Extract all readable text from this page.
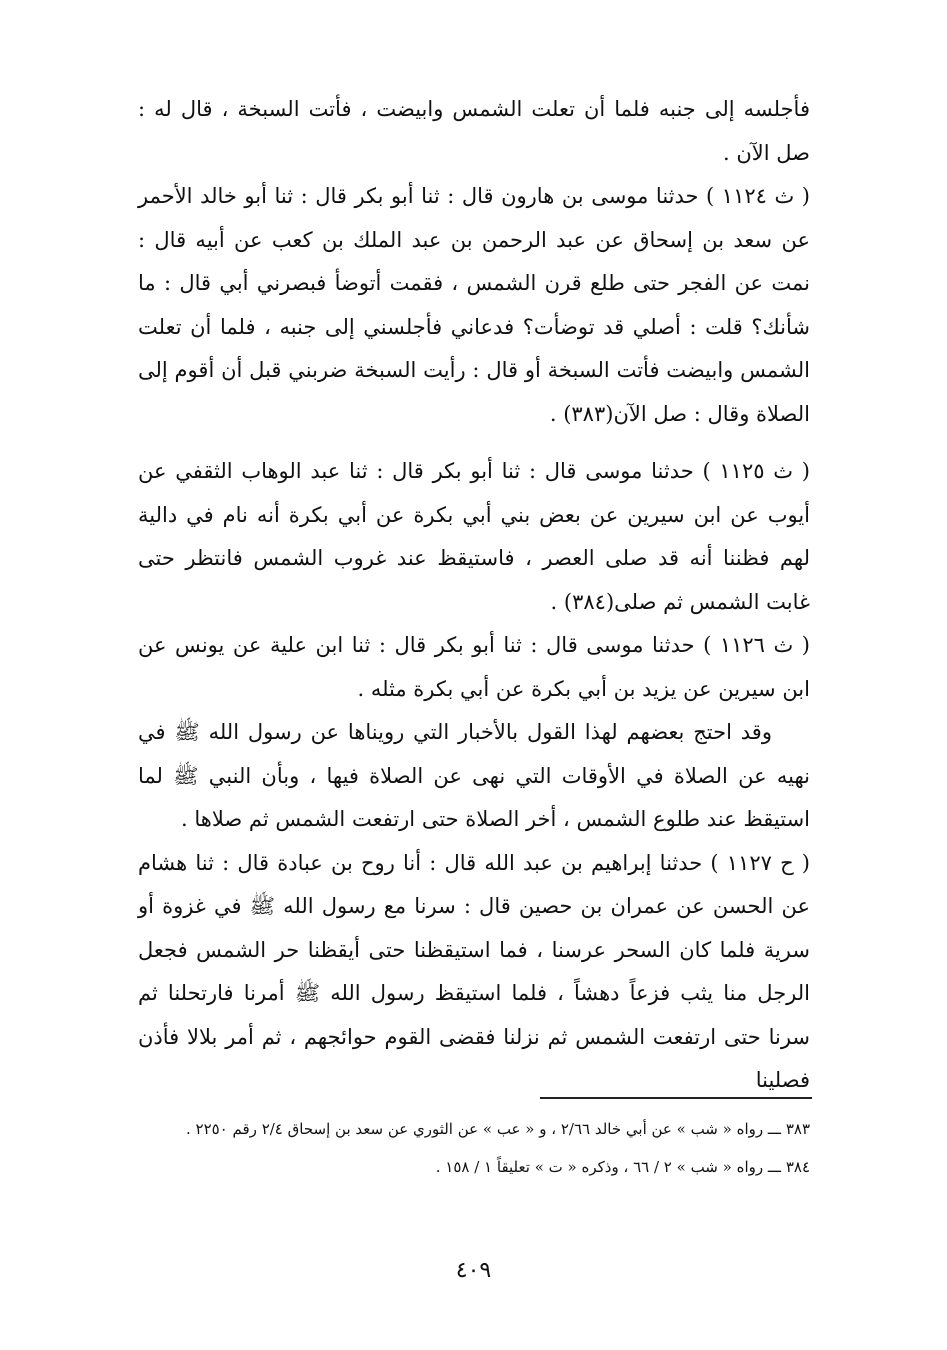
فأجلسه إلى جنبه فلما أن تعلت الشمس وابيضت ، فأتت السبخة ، قال له : صل الآن .

( ث ١١٢٤ ) حدثنا موسى بن هارون قال : ثنا أبو بكر قال : ثنا أبو خالد الأحمر عن سعد بن إسحاق عن عبد الرحمن بن عبد الملك بن كعب عن أبيه قال : نمت عن الفجر حتى طلع قرن الشمس ، فقمت أتوضأ فبصرني أبي قال : ما شأنك؟ قلت : أصلي قد توضأت؟ فدعاني فأجلسني إلى جنبه ، فلما أن تعلت الشمس وابيضت فأتت السبخة أو قال : رأيت السبخة ضربني قبل أن أقوم إلى الصلاة وقال : صل الآن(٣٨٣) .

( ث ١١٢٥ ) حدثنا موسى قال : ثنا أبو بكر قال : ثنا عبد الوهاب الثقفي عن أيوب عن ابن سيرين عن بعض بني أبي بكرة عن أبي بكرة أنه نام في دالية لهم فظننا أنه قد صلى العصر ، فاستيقظ عند غروب الشمس فانتظر حتى غابت الشمس ثم صلى(٣٨٤) .

( ث ١١٢٦ ) حدثنا موسى قال : ثنا أبو بكر قال : ثنا ابن علية عن يونس عن ابن سيرين عن يزيد بن أبي بكرة عن أبي بكرة مثله .

وقد احتج بعضهم لهذا القول بالأخبار التي رويناها عن رسول الله ﷺ في نهيه عن الصلاة في الأوقات التي نهى عن الصلاة فيها ، وبأن النبي ﷺ لما استيقظ عند طلوع الشمس ، أخر الصلاة حتى ارتفعت الشمس ثم صلاها .

( ح ١١٢٧ ) حدثنا إبراهيم بن عبد الله قال : أنا روح بن عبادة قال : ثنا هشام عن الحسن عن عمران بن حصين قال : سرنا مع رسول الله ﷺ في غزوة أو سرية فلما كان السحر عرسنا ، فما استيقظنا حتى أيقظنا حر الشمس فجعل الرجل منا يثب فزعاً دهشاً ، فلما استيقظ رسول الله ﷺ أمرنا فارتحلنا ثم سرنا حتى ارتفعت الشمس ثم نزلنا فقضى القوم حوائجهم ، ثم أمر بلالا فأذن فصلينا

٣٨٣ ـــ رواه « شب » عن أبي خالد ٢/٦٦ ، و « عب » عن الثوري عن سعد بن إسحاق ٢/٤ رقم ٢٢٥٠ .

٣٨٤ ـــ رواه « شب » ٢ / ٦٦ ، وذكره « ت » تعليقاً ١ / ١٥٨ .

٤٠٩
